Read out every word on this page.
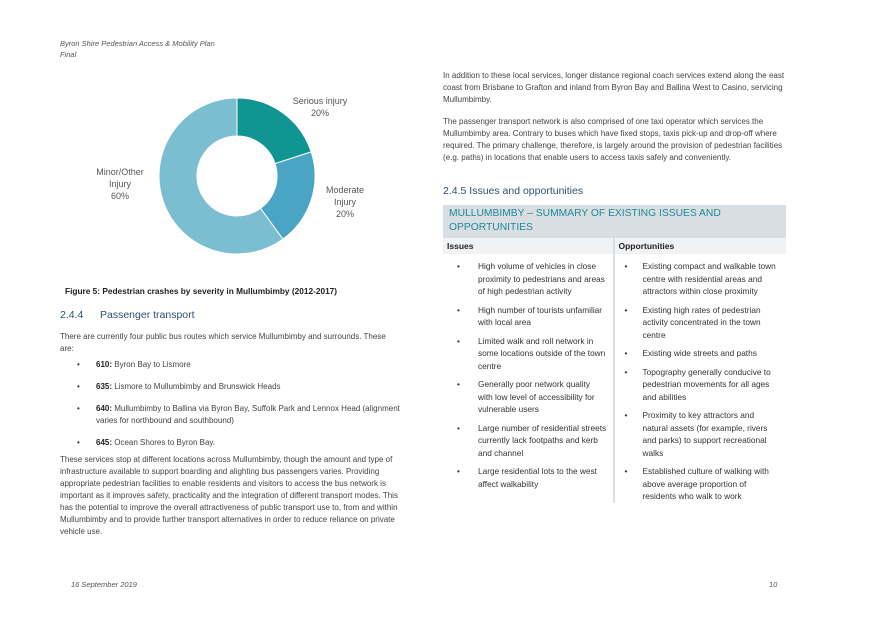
Byron Shire Pedestrian Access & Mobility Plan
Final
Serious injury
20%
Moderate
Injury
20%
Minor/Other
Injury
60%
Figure 5: Pedestrian crashes by severity in Mullumbimby (2012-2017)
2.4.4 Passenger transport
There are currently four public bus routes which service Mullumbimby and surrounds. These are:
• 610: Byron Bay to Lismore
• 635: Lismore to Mullumbimby and Brunswick Heads
• 640: Mullumbimby to Ballina via Byron Bay, Suffolk Park and Lennox Head (alignment varies for northbound and southbound)
• 645: Ocean Shores to Byron Bay.
These services stop at different locations across Mullumbimby, though the amount and type of infrastructure available to support boarding and alighting bus passengers varies. Providing appropriate pedestrian facilities to enable residents and visitors to access the bus network is important as it improves safety, practicality and the integration of different transport modes. This has the potential to improve the overall attractiveness of public transport use to, from and within Mullumbimby and to provide further transport alternatives in order to reduce reliance on private vehicle use.
In addition to these local services, longer distance regional coach services extend along the east coast from Brisbane to Grafton and inland from Byron Bay and Ballina West to Casino, servicing Mullumbimby.
The passenger transport network is also comprised of one taxi operator which services the Mullumbimby area. Contrary to buses which have fixed stops, taxis pick-up and drop-off where required. The primary challenge, therefore, is largely around the provision of pedestrian facilities (e.g. paths) in locations that enable users to access taxis safely and conveniently.
2.4.5 Issues and opportunities
MULLUMBIMBY – SUMMARY OF EXISTING ISSUES AND OPPORTUNITIES
Issues
• High volume of vehicles in close proximity to pedestrians and areas of high pedestrian activity
• High number of tourists unfamiliar with local area
• Limited walk and roll network in some locations outside of the town centre
• Generally poor network quality with low level of accessibility for vulnerable users
• Large number of residential streets currently lack footpaths and kerb and channel
• Large residential lots to the west affect walkability
Opportunities
• Existing compact and walkable town centre with residential areas and attractors within close proximity
• Existing high rates of pedestrian activity concentrated in the town centre
• Existing wide streets and paths
• Topography generally conducive to pedestrian movements for all ages and abilities
• Proximity to key attractors and natural assets (for example, rivers and parks) to support recreational walks
• Established culture of walking with above average proportion of residents who walk to work
16 September 2019	10
